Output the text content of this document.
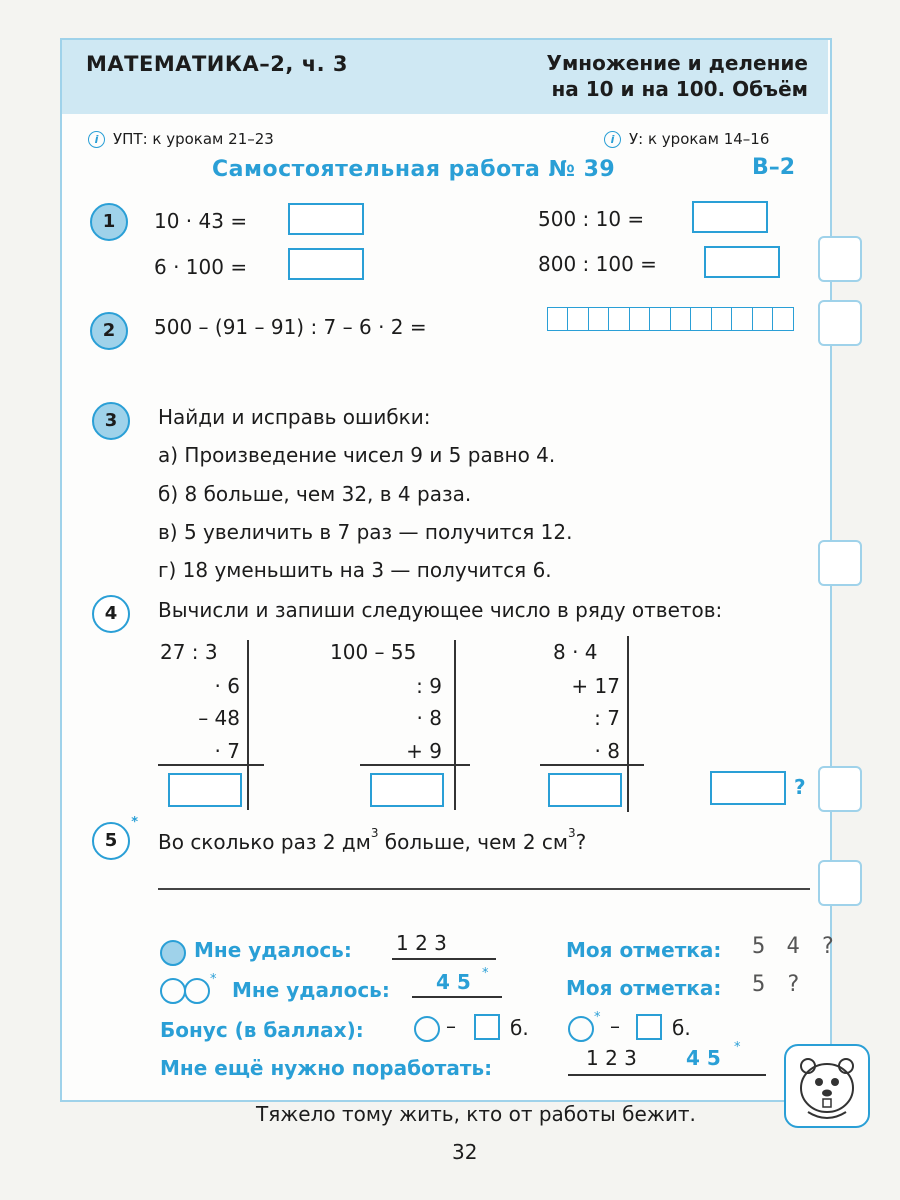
МАТЕМАТИКА–2, ч. 3	Умножение и деление
на 10 и на 100. Объём
i УПТ: к урокам 21–23	i У: к урокам 14–16
Самостоятельная работа № 39	В–2
1	10 · 43 =
6 · 100 =
500 : 10 =
800 : 100 =
2	500 – (91 – 91) : 7 – 6 · 2 =
3	Найди и исправь ошибки:
а) Произведение чисел 9 и 5 равно 4.
б) 8 больше, чем 32, в 4 раза.
в) 5 увеличить в 7 раз — получится 12.
г) 18 уменьшить на 3 — получится 6.
4	Вычисли и запиши следующее число в ряду ответов:
27 : 3
· 6
– 48
· 7
100 – 55
: 9
· 8
+ 9
8 · 4
+ 17
: 7
· 8
?
5
*
Во сколько раз 2 $дм^3$ больше, чем 2 $см^3$?
Мне удалось: 1 2 3	Моя отметка: 5 4 ?
* Мне удалось: 4 5 *
Моя отметка: 5 ?
Бонус (в баллах):	–	б.	* –	б.
Мне ещё нужно поработать:	1 2 3 4 5 *
Тяжело тому жить, кто от работы бежит.
32
